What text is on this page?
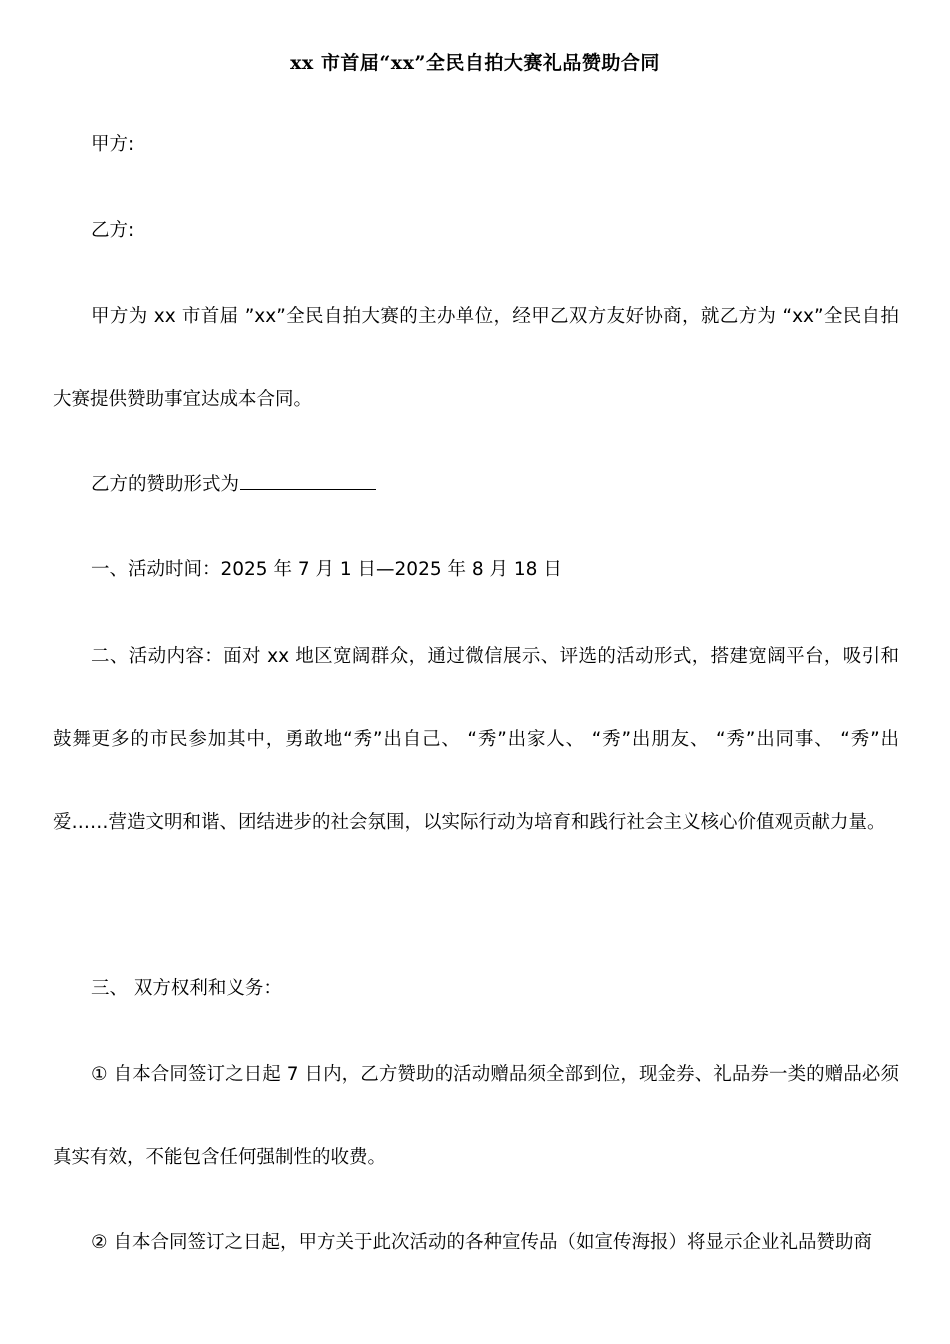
xx 市首届“xx”全民自拍大赛礼品赞助合同

甲方:

乙方:

甲方为 xx 市首届 ”xx”全民自拍大赛的主办单位，经甲乙双方友好协商，就乙方为 “xx”全民自拍大赛提供赞助事宜达成本合同。

乙方的赞助形式为

一、活动时间：2025 年 7 月 1 日—2025 年 8 月 18 日

二、活动内容：面对 xx 地区宽阔群众，通过微信展示、评选的活动形式，搭建宽阔平台，吸引和鼓舞更多的市民参加其中，勇敢地“秀”出自己、 “秀”出家人、 “秀”出朋友、 “秀”出同事、 “秀”出爱……营造文明和谐、团结进步的社会氛围，以实际行动为培育和践行社会主义核心价值观贡献力量。

三、 双方权利和义务：

① 自本合同签订之日起 7 日内，乙方赞助的活动赠品须全部到位，现金券、礼品券一类的赠品必须真实有效，不能包含任何强制性的收费。

② 自本合同签订之日起，甲方关于此次活动的各种宣传品（如宣传海报）将显示企业礼品赞助商
